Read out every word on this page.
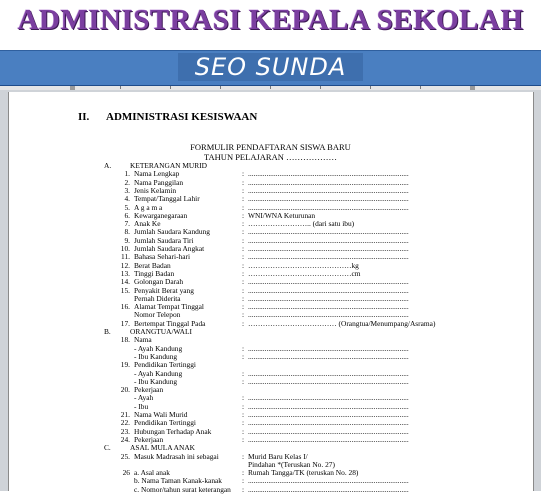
ADMINISTRASI KEPALA SEKOLAH
SEO SUNDA
II. ADMINISTRASI KESISWAAN
FORMULIR PENDAFTARAN SISWA BARU
TAHUN PELAJARAN ………………
A.	KETERANGAN MURID
1. Nama Lengkap	: .......................................................................................
2. Nama Panggilan	: .......................................................................................
3. Jenis Kelamin	: .......................................................................................
4. Tempat/Tanggal Lahir	: .......................................................................................
5. A g a m a	: .......................................................................................
6. Kewarganegaraan	: WNI/WNA Keturunan
7. Anak Ke	: …………………….. (dari satu ibu)
8. Jumlah Saudara Kandung	: .......................................................................................
9. Jumlah Saudara Tiri	: .......................................................................................
10. Jumlah Saudara Angkat	: .......................................................................................
11. Bahasa Sehari-hari	: .......................................................................................
12. Berat Badan	: ……………………………………kg
13. Tinggi Badan	: ……………………………………cm
14. Golongan Darah	: .......................................................................................
15. Penyakit Berat yang	: .......................................................................................
Pernah Diderita	: .......................................................................................
16. Alamat Tempat Tinggal	: .......................................................................................
Nomor Telepon	: .......................................................................................
17. Bertempat Tinggal Pada	: ……………………………… (Orangtua/Menumpang/Asrama)
B.	ORANGTUA/WALI
18. Nama
- Ayah Kandung	: .......................................................................................
- Ibu Kandung	: .......................................................................................
19. Pendidikan Tertinggi
- Ayah Kandung	: .......................................................................................
- Ibu Kandung	: .......................................................................................
20. Pekerjaan
- Ayah	: .......................................................................................
- Ibu	: .......................................................................................
21. Nama Wali Murid	: .......................................................................................
22. Pendidikan Tertinggi	: .......................................................................................
23. Hubungan Terhadap Anak	: .......................................................................................
24. Pekerjaan	: .......................................................................................
C.	ASAL MULA ANAK
25. Masuk Madrasah ini sebagai	: Murid Baru Kelas I/
Pindahan *(Teruskan No. 27)
26 a. Asal anak	: Rumah Tangga/TK (teruskan No. 28)
b. Nama Taman Kanak-kanak	: .......................................................................................
c. Nomor/tahun surat keterangan : .......................................................................................
